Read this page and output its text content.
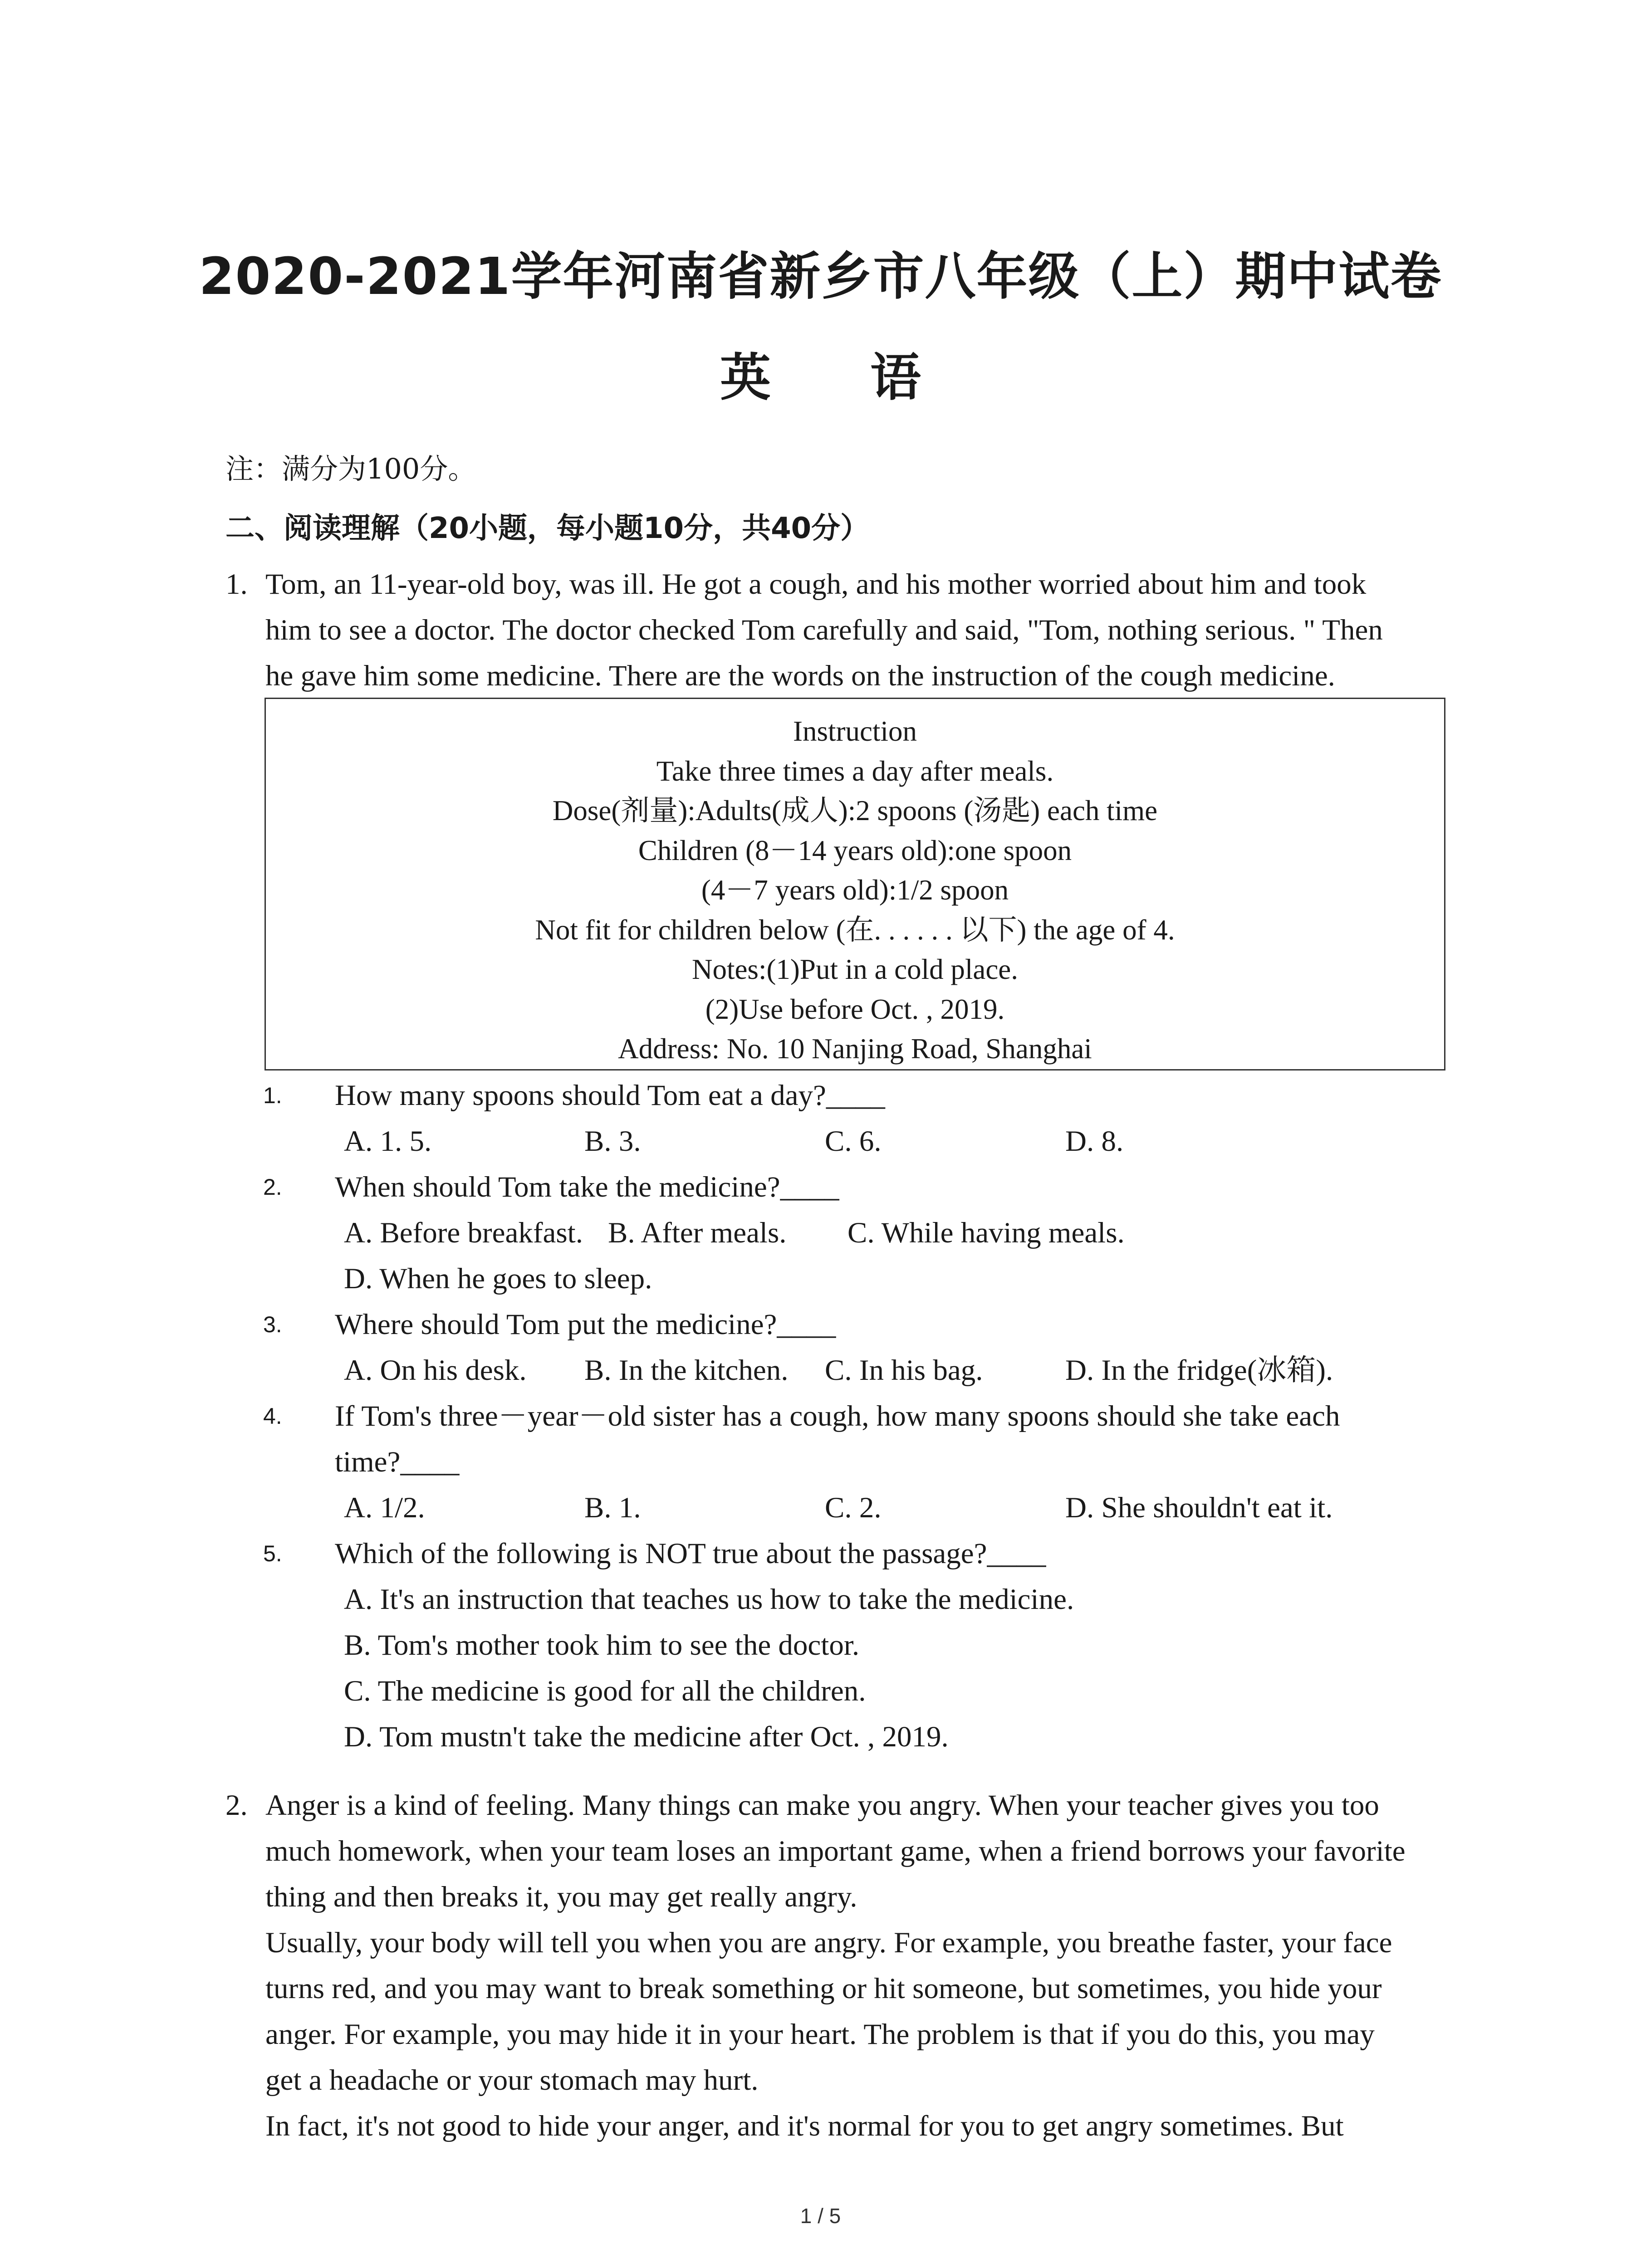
2020-2021学年河南省新乡市八年级（上）期中试卷
英 语
注：满分为100分。
二、阅读理解（20小题，每小题10分，共40分）
1. Tom, an 11-year-old boy, was ill. He got a cough, and his mother worried about him and took

him to see a doctor. The doctor checked Tom carefully and said, "Tom, nothing serious. " Then

he gave him some medicine. There are the words on the instruction of the cough medicine.

Instruction
Take three times a day after meals.
Dose(剂量):Adults(成人):2 spoons (汤匙) each time
Children (8－14 years old):one spoon
(4－7 years old):1/2 spoon
Not fit for children below (在. . . . . . 以下) the age of 4.
Notes:(1)Put in a cold place.
(2)Use before Oct. , 2019.
Address: No. 10 Nanjing Road, Shanghai
1. How many spoons should Tom eat a day?____
A. 1. 5.	B. 3.	C. 6.	D. 8.
2. When should Tom take the medicine?____
A. Before breakfast. B. After meals. C. While having meals.
D. When he goes to sleep.
3. Where should Tom put the medicine?____
A. On his desk. B. In the kitchen. C. In his bag.	D. In the fridge(冰箱).
4. If Tom's three－year－old sister has a cough, how many spoons should she take each
time?____
A. 1/2.	B. 1.	C. 2.	D. She shouldn't eat it.
5. Which of the following is NOT true about the passage?____
A. It's an instruction that teaches us how to take the medicine.
B. Tom's mother took him to see the doctor.
C. The medicine is good for all the children.
D. Tom mustn't take the medicine after Oct. , 2019.
2. Anger is a kind of feeling. Many things can make you angry. When your teacher gives you too

much homework, when your team loses an important game, when a friend borrows your favorite

thing and then breaks it, you may get really angry.

Usually, your body will tell you when you are angry. For example, you breathe faster, your face

turns red, and you may want to break something or hit someone, but sometimes, you hide your

anger. For example, you may hide it in your heart. The problem is that if you do this, you may

get a headache or your stomach may hurt.

In fact, it's not good to hide your anger, and it's normal for you to get angry sometimes. But

1 / 5
